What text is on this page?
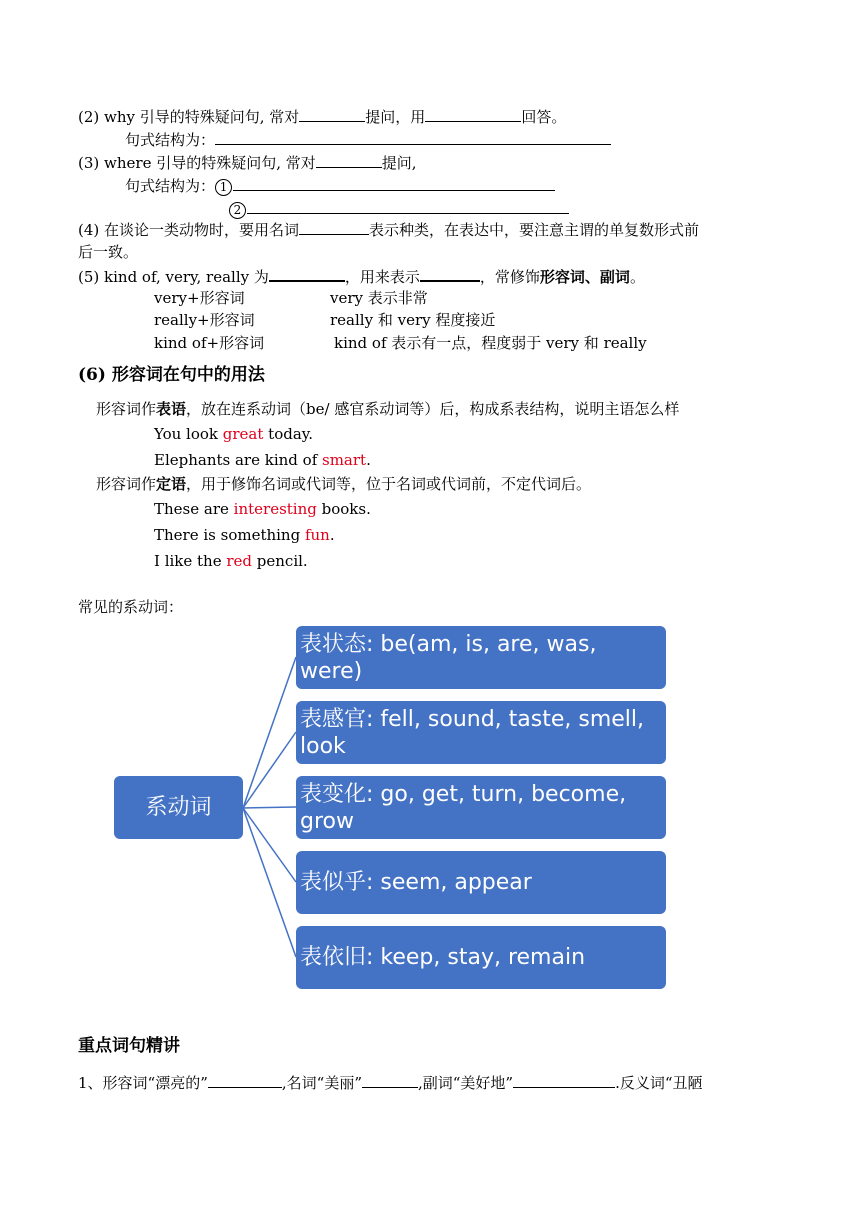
(2) why 引导的特殊疑问句, 常对	提问，用	回答。
句式结构为：
(3) where 引导的特殊疑问句, 常对	提问,
句式结构为： 1
2
(4) 在谈论一类动物时，要用名词	表示种类，在表达中，要注意主谓的单复数形式前
后一致。
(5) kind of, very, really 为	，用来表示	，常修饰形容词、副词。
very+形容词	very 表示非常
really+形容词	really 和 very 程度接近
kind of+形容词	kind of 表示有一点，程度弱于 very 和 really
(6) 形容词在句中的用法
形容词作表语，放在连系动词（be/ 感官系动词等）后，构成系表结构，说明主语怎么样
You look great today.
Elephants are kind of smart.
形容词作定语，用于修饰名词或代词等，位于名词或代词前，不定代词后。
These are interesting books.
There is something fun.
I like the red pencil.
常见的系动词：
系动词
表状态: be(am, is, are, was, were)
表感官: fell, sound, taste, smell, look
表变化: go, get, turn, become, grow
表似乎: seem, appear
表依旧: keep, stay, remain
重点词句精讲
1、形容词“漂亮的”	,名词“美丽”	,副词“美好地”	.反义词“丑陋
